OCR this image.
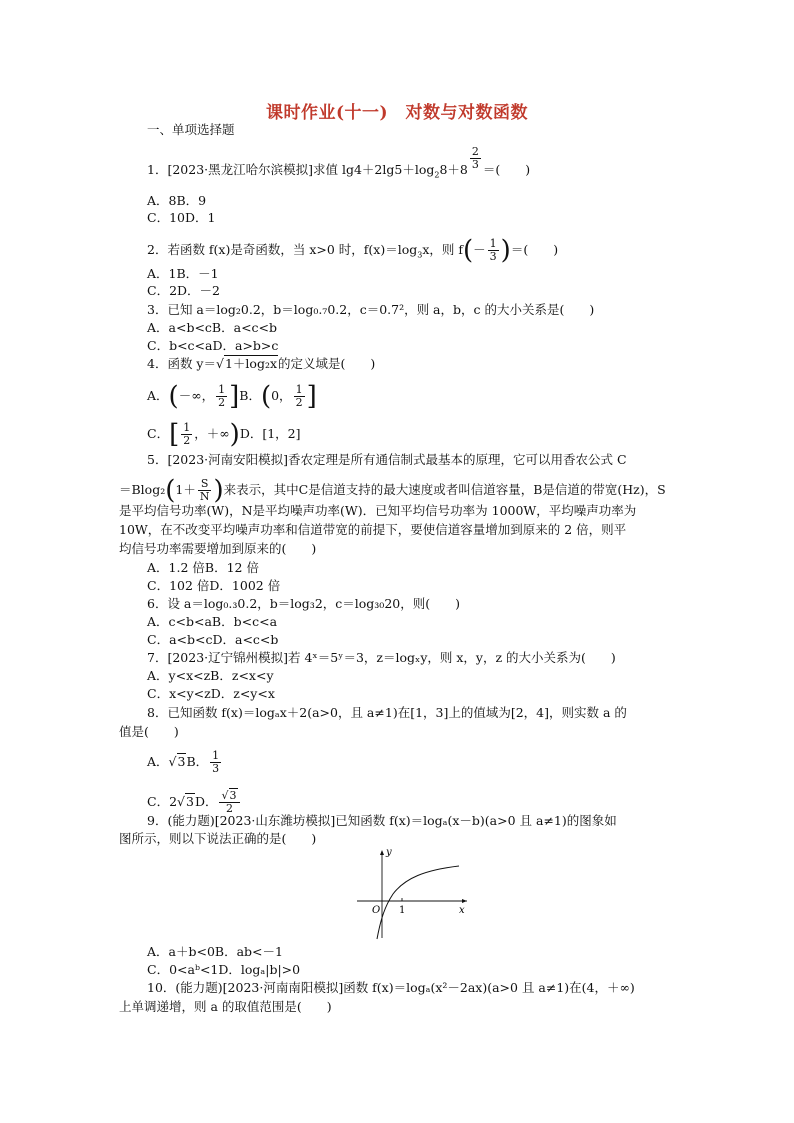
课时作业(十一)　对数与对数函数
一、单项选择题
1．[2023·黑龙江哈尔滨模拟]求值 $\lg 4+2\lg 5+\log_28+8 \frac{2}{3}$ ＝(　　)
A．8B．9
C．10D．1
2．若函数 f(x)是奇函数，当 x>0 时，$f(x)=\log_3x$，则 $f(- \frac{1}{3}$ )＝(　　)
A．1B．－1
C．2D．－2
3．已知 a＝log₂0.2，b＝log₀.₇0.2，c＝0.7²，则 a，b，c 的大小关系是(　　)
A．a<b<cB．a<c<b
C．b<c<aD．a>b>c
4．函数 y＝√1＋log₂x的定义域是(　　)
A．(－∞， $\frac{1}{2} ]B$．(0， $\frac{1}{2}$ ]
C．[ $\frac{1}{2}$ ，＋∞)D．[1，2]
5．[2023·河南安阳模拟]香农定理是所有通信制式最基本的原理，它可以用香农公式 C
$=Blog_2(1+ \frac{S}{N}$ )来表示，其中C是信道支持的最大速度或者叫信道容量，B是信道的带宽(Hz)，S
是平均信号功率(W)，N是平均噪声功率(W)．已知平均信号功率为 1000W，平均噪声功率为
10W，在不改变平均噪声功率和信道带宽的前提下，要使信道容量增加到原来的 2 倍，则平
均信号功率需要增加到原来的(　　)
A．1.2 倍B．12 倍
C．102 倍D．1002 倍
6．设 a＝log₀.₃0.2，b＝log₃2，c＝log₃₀20，则(　　)
A．c<b<aB．b<c<a
C．a<b<cD．a<c<b
7．[2023·辽宁锦州模拟]若 4ˣ＝5ʸ＝3，z＝logₓy，则 x，y，z 的大小关系为(　　)
A．y<x<zB．z<x<y
C．x<y<zD．z<y<x
8．已知函数 f(x)＝logₐx＋2(a>0，且 a≠1)在[1，3]上的值域为[2，4]，则实数 a 的
值是(　　)
A．√3B． $\frac{1}{3}$
C．2√3D． $\frac{√3}{2}$
9．(能力题)[2023·山东潍坊模拟]已知函数 f(x)＝logₐ(x－b)(a>0 且 a≠1)的图象如
图所示，则以下说法正确的是(　　)
y
x
O 1
A．a＋b<0B．ab<－1
C．0<aᵇ<1D．logₐ|b|>0
10．(能力题)[2023·河南南阳模拟]函数 f(x)＝logₐ(x²－2ax)(a>0 且 a≠1)在(4，＋∞)
上单调递增，则 a 的取值范围是(　　)
